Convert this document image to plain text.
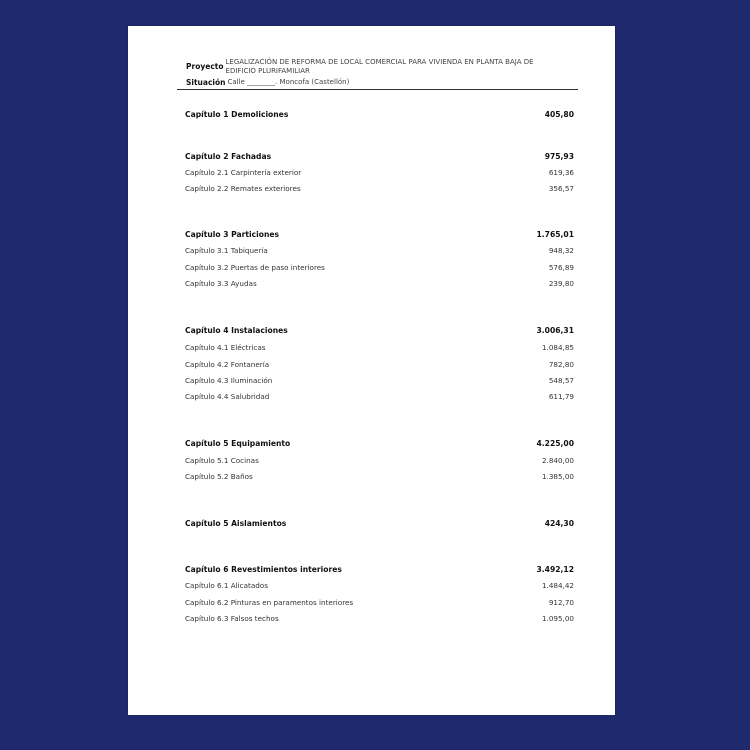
Proyecto LEGALIZACIÓN DE REFORMA DE LOCAL COMERCIAL PARA VIVIENDA EN PLANTA BAJA DE EDIFICIO PLURIFAMILIAR
Situación Calle ________. Moncofa (Castellón)
Capítulo 1 Demoliciones	405,80
Capítulo 2 Fachadas	975,93
Capítulo 2.1 Carpintería exterior	619,36
Capítulo 2.2 Remates exteriores	356,57
Capítulo 3 Particiones	1.765,01
Capítulo 3.1 Tabiquería	948,32
Capítulo 3.2 Puertas de paso interiores	576,89
Capítulo 3.3 Ayudas	239,80
Capítulo 4 Instalaciones	3.006,31
Capítulo 4.1 Eléctricas	1.084,85
Capítulo 4.2 Fontanería	782,80
Capítulo 4.3 Iluminación	548,57
Capítulo 4.4 Salubridad	611,79
Capítulo 5 Equipamiento	4.225,00
Capítulo 5.1 Cocinas	2.840,00
Capítulo 5.2 Baños	1.385,00
Capítulo 5 Aislamientos	424,30
Capítulo 6 Revestimientos interiores	3.492,12
Capítulo 6.1 Alicatados	1.484,42
Capítulo 6.2 Pinturas en paramentos interiores	912,70
Capítulo 6.3 Falsos techos	1.095,00
